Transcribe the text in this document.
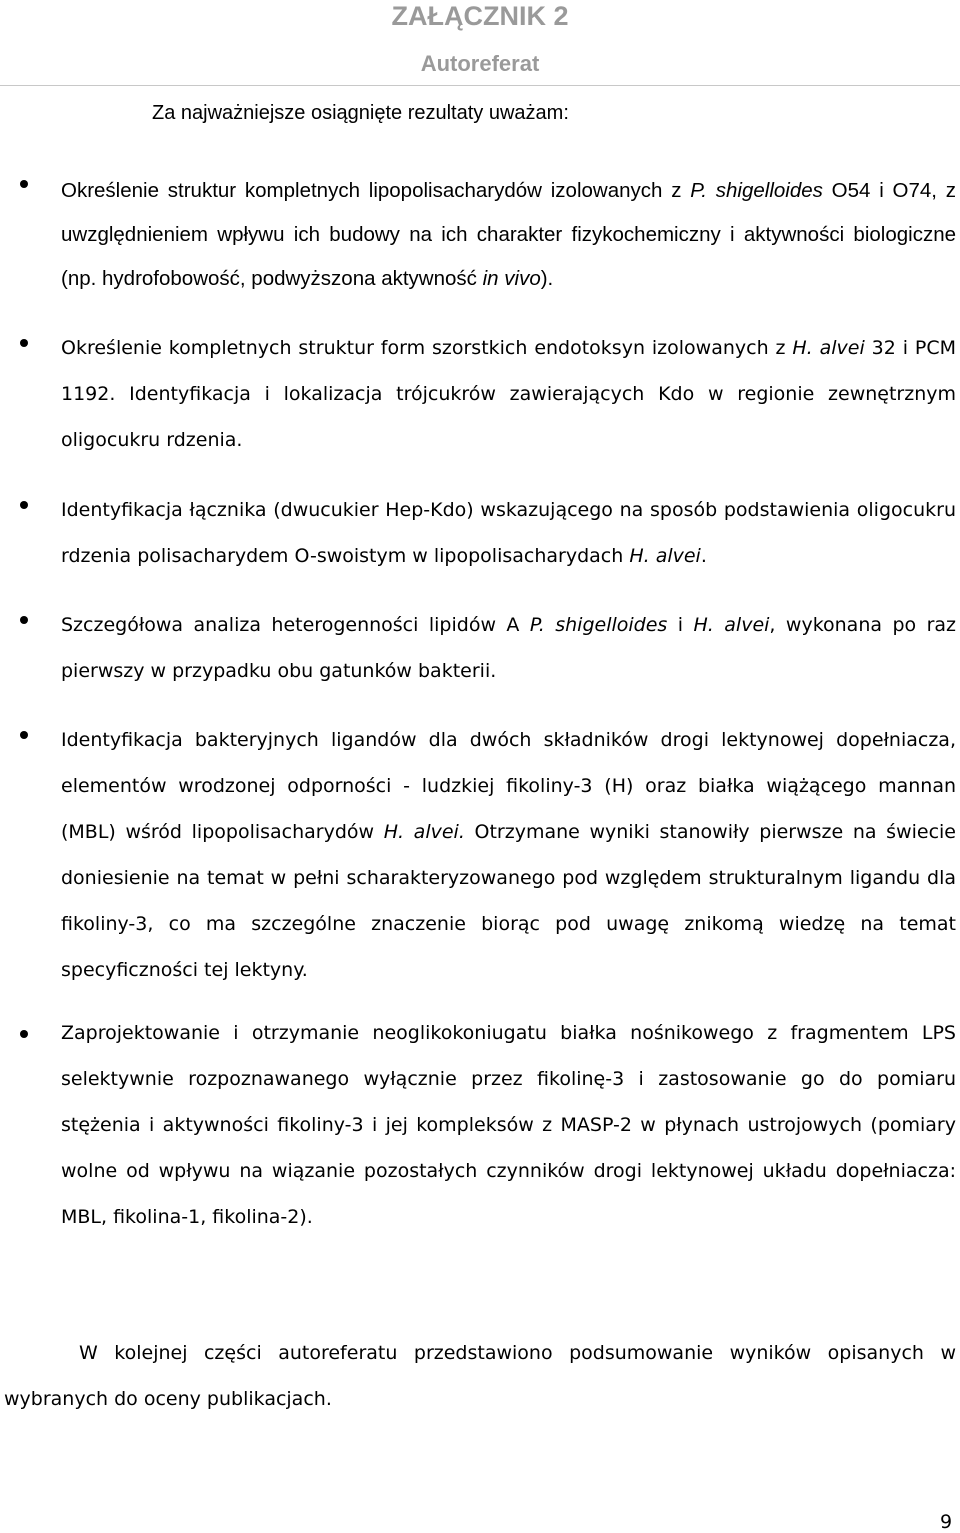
ZAŁĄCZNIK 2
Autoreferat
Za najważniejsze osiągnięte rezultaty uważam:

Określenie struktur kompletnych lipopolisacharydów izolowanych z P. shigelloides O54 i O74, z uwzględnieniem wpływu ich budowy na ich charakter fizykochemiczny i aktywności biologiczne (np. hydrofobowość, podwyższona aktywność in vivo).

Określenie kompletnych struktur form szorstkich endotoksyn izolowanych z H. alvei 32 i PCM 1192. Identyfikacja i lokalizacja trójcukrów zawierających Kdo w regionie zewnętrznym oligocukru rdzenia.

Identyfikacja łącznika (dwucukier Hep-Kdo) wskazującego na sposób podstawienia oligocukru rdzenia polisacharydem O-swoistym w lipopolisacharydach H. alvei.

Szczegółowa analiza heterogenności lipidów A P. shigelloides i H. alvei, wykonana po raz pierwszy w przypadku obu gatunków bakterii.

Identyfikacja bakteryjnych ligandów dla dwóch składników drogi lektynowej dopełniacza, elementów wrodzonej odporności - ludzkiej fikoliny-3 (H) oraz białka wiążącego mannan (MBL) wśród lipopolisacharydów H. alvei. Otrzymane wyniki stanowiły pierwsze na świecie doniesienie na temat w pełni scharakteryzowanego pod względem strukturalnym ligandu dla fikoliny-3, co ma szczególne znaczenie biorąc pod uwagę znikomą wiedzę na temat specyficzności tej lektyny.

Zaprojektowanie i otrzymanie neoglikokoniugatu białka nośnikowego z fragmentem LPS selektywnie rozpoznawanego wyłącznie przez fikolinę-3 i zastosowanie go do pomiaru stężenia i aktywności fikoliny-3 i jej kompleksów z MASP-2 w płynach ustrojowych (pomiary wolne od wpływu na wiązanie pozostałych czynników drogi lektynowej układu dopełniacza: MBL, fikolina-1, fikolina-2).

W kolejnej części autoreferatu przedstawiono podsumowanie wyników opisanych w wybranych do oceny publikacjach.

9
